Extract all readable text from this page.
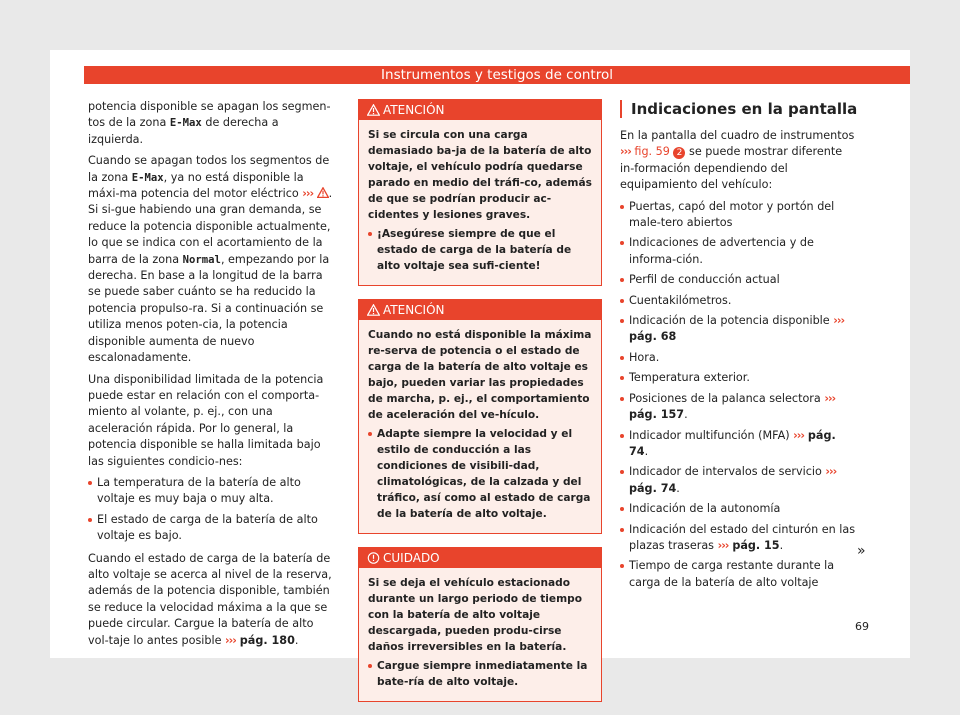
Instrumentos y testigos de control

potencia disponible se apagan los segmen-tos de la zona E-Max de derecha a izquierda.

Cuando se apagan todos los segmentos de la zona E-Max, ya no está disponible la máxi-ma potencia del motor eléctrico ››› . Si si-gue habiendo una gran demanda, se reduce la potencia disponible actualmente, lo que se indica con el acortamiento de la barra de la zona Normal, empezando por la derecha. En base a la longitud de la barra se puede saber cuánto se ha reducido la potencia propulso-ra. Si a continuación se utiliza menos poten-cia, la potencia disponible aumenta de nuevo escalonadamente.

Una disponibilidad limitada de la potencia puede estar en relación con el comporta-miento al volante, p. ej., con una aceleración rápida. Por lo general, la potencia disponible se halla limitada bajo las siguientes condicio-nes:

La temperatura de la batería de alto voltaje es muy baja o muy alta.
El estado de carga de la batería de alto voltaje es bajo.

Cuando el estado de carga de la batería de alto voltaje se acerca al nivel de la reserva, además de la potencia disponible, también se reduce la velocidad máxima a la que se puede circular. Cargue la batería de alto vol-taje lo antes posible ››› pág. 180.

ATENCIÓN

Si se circula con una carga demasiado ba-ja de la batería de alto voltaje, el vehículo podría quedarse parado en medio del tráfi-co, además de que se podrían producir ac-cidentes y lesiones graves.

¡Asegúrese siempre de que el estado de carga de la batería de alto voltaje sea sufi-ciente!
ATENCIÓN

Cuando no está disponible la máxima re-serva de potencia o el estado de carga de la batería de alto voltaje es bajo, pueden variar las propiedades de marcha, p. ej., el comportamiento de aceleración del ve-hículo.

Adapte siempre la velocidad y el estilo de conducción a las condiciones de visibili-dad, climatológicas, de la calzada y del tráfico, así como al estado de carga de la batería de alto voltaje.
CUIDADO

Si se deja el vehículo estacionado durante un largo periodo de tiempo con la batería de alto voltaje descargada, pueden produ-cirse daños irreversibles en la batería.

Cargue siempre inmediatamente la bate-ría de alto voltaje.
Indicaciones en la pantalla

En la pantalla del cuadro de instrumentos ››› fig. 59 2 se puede mostrar diferente in-formación dependiendo del equipamiento del vehículo:

Puertas, capó del motor y portón del male-tero abiertos
Indicaciones de advertencia y de informa-ción.
Perfil de conducción actual
Cuentakilómetros.
Indicación de la potencia disponible ››› pág. 68
Hora.
Temperatura exterior.
Posiciones de la palanca selectora ››› pág. 157.
Indicador multifunción (MFA) ››› pág. 74.
Indicador de intervalos de servicio ››› pág. 74.
Indicación de la autonomía
Indicación del estado del cinturón en las plazas traseras ››› pág. 15.
Tiempo de carga restante durante la carga de la batería de alto voltaje
»
69
